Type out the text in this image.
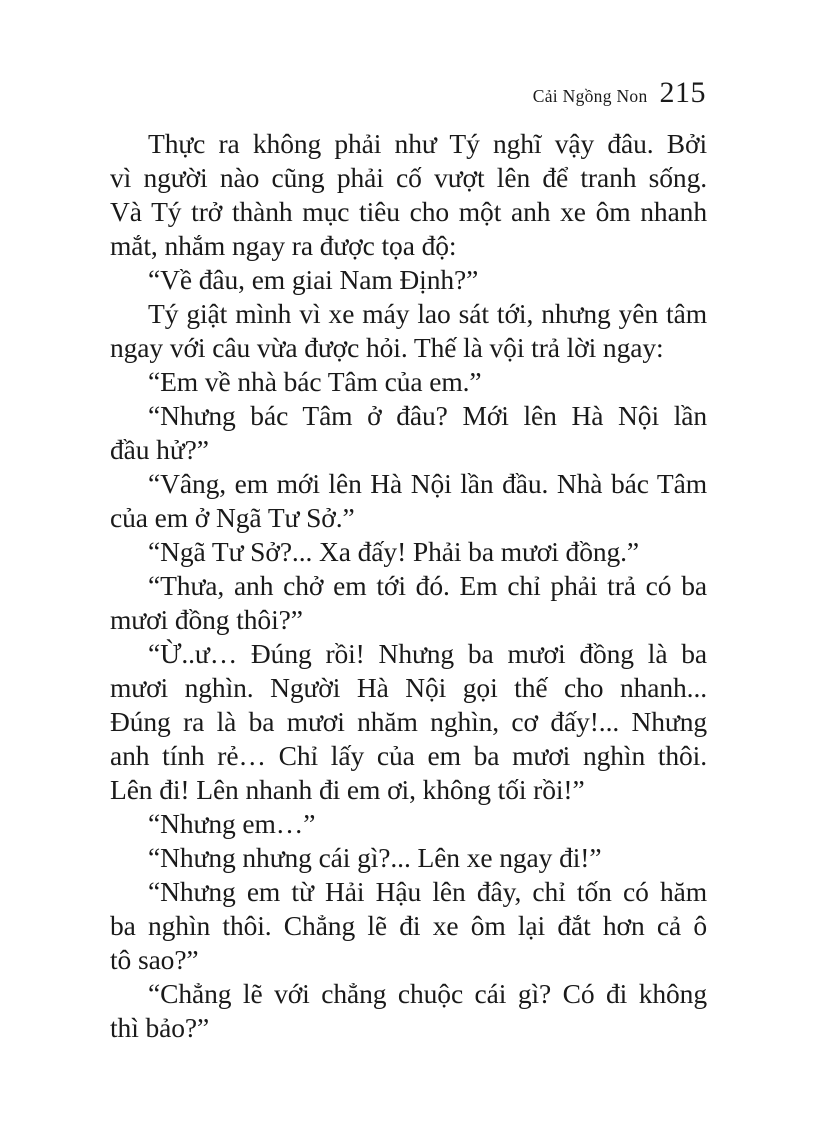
Cải Ngồng Non 215
Thực ra không phải như Tý nghĩ vậy đâu. Bởi
vì người nào cũng phải cố vượt lên để tranh sống.
Và Tý trở thành mục tiêu cho một anh xe ôm nhanh
mắt, nhắm ngay ra được tọa độ:
“Về đâu, em giai Nam Định?”
Tý giật mình vì xe máy lao sát tới, nhưng yên tâm
ngay với câu vừa được hỏi. Thế là vội trả lời ngay:
“Em về nhà bác Tâm của em.”
“Nhưng bác Tâm ở đâu? Mới lên Hà Nội lần
đầu hử?”
“Vâng, em mới lên Hà Nội lần đầu. Nhà bác Tâm
của em ở Ngã Tư Sở.”
“Ngã Tư Sở?... Xa đấy! Phải ba mươi đồng.”
“Thưa, anh chở em tới đó. Em chỉ phải trả có ba
mươi đồng thôi?”
“Ừ..ư… Đúng rồi! Nhưng ba mươi đồng là ba
mươi nghìn. Người Hà Nội gọi thế cho nhanh...
Đúng ra là ba mươi nhăm nghìn, cơ đấy!... Nhưng
anh tính rẻ… Chỉ lấy của em ba mươi nghìn thôi.
Lên đi! Lên nhanh đi em ơi, không tối rồi!”
“Nhưng em…”
“Nhưng nhưng cái gì?... Lên xe ngay đi!”
“Nhưng em từ Hải Hậu lên đây, chỉ tốn có hăm
ba nghìn thôi. Chẳng lẽ đi xe ôm lại đắt hơn cả ô
tô sao?”
“Chẳng lẽ với chẳng chuộc cái gì? Có đi không
thì bảo?”
